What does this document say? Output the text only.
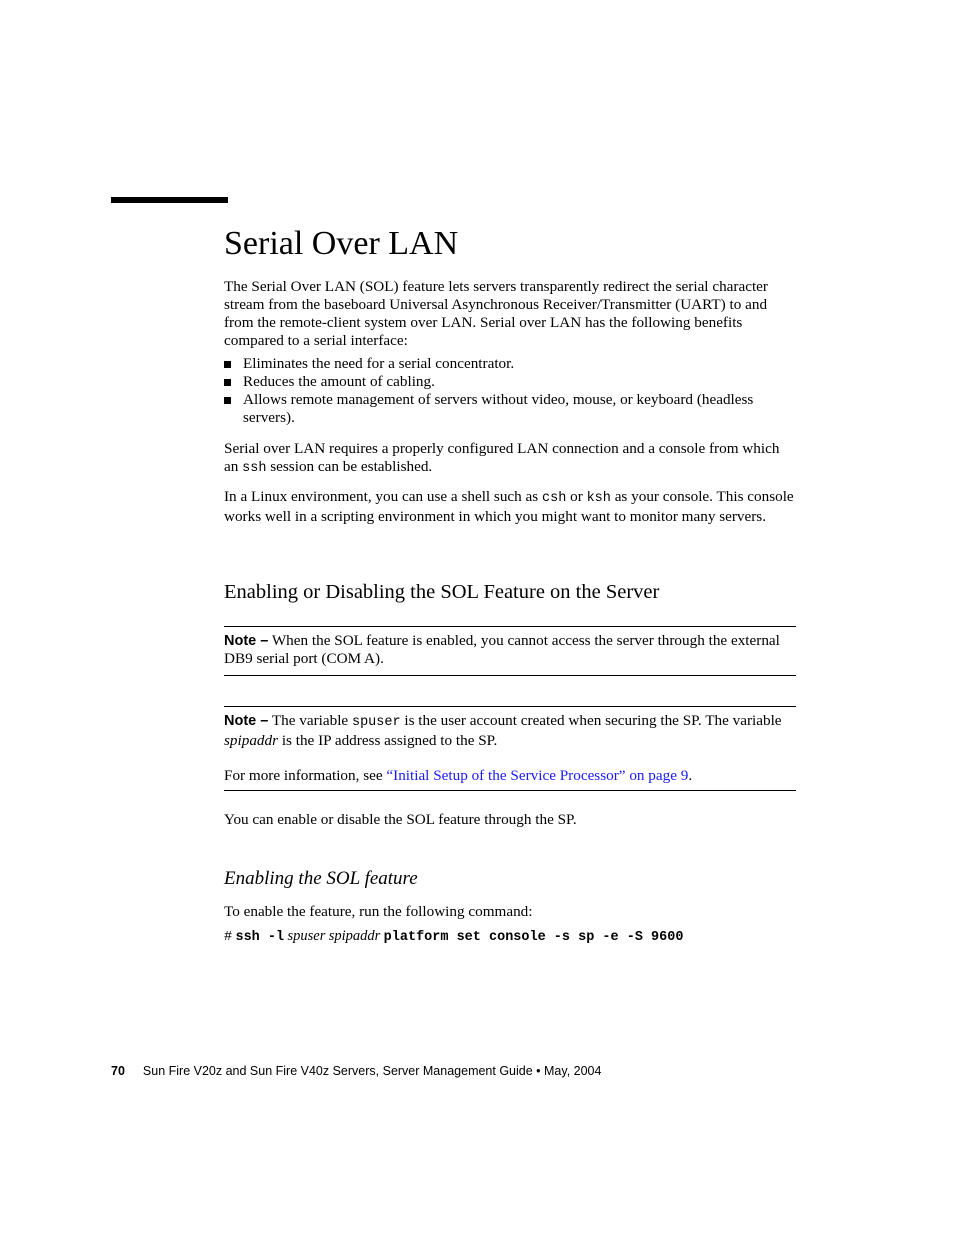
Serial Over LAN

The Serial Over LAN (SOL) feature lets servers transparently redirect the serial character stream from the baseboard Universal Asynchronous Receiver/Transmitter (UART) to and from the remote-client system over LAN. Serial over LAN has the following benefits compared to a serial interface:

Eliminates the need for a serial concentrator.
Reduces the amount of cabling.
Allows remote management of servers without video, mouse, or keyboard (headless servers).

Serial over LAN requires a properly configured LAN connection and a console from which an ssh session can be established.

In a Linux environment, you can use a shell such as csh or ksh as your console. This console works well in a scripting environment in which you might want to monitor many servers.

Enabling or Disabling the SOL Feature on the Server

Note – When the SOL feature is enabled, you cannot access the server through the external DB9 serial port (COM A).

Note – The variable spuser is the user account created when securing the SP. The variable spipaddr is the IP address assigned to the SP.

For more information, see “Initial Setup of the Service Processor” on page 9.

You can enable or disable the SOL feature through the SP.

Enabling the SOL feature

To enable the feature, run the following command:

# ssh -l spuser spipaddr platform set console -s sp -e -S 9600
70 Sun Fire V20z and Sun Fire V40z Servers, Server Management Guide • May, 2004
